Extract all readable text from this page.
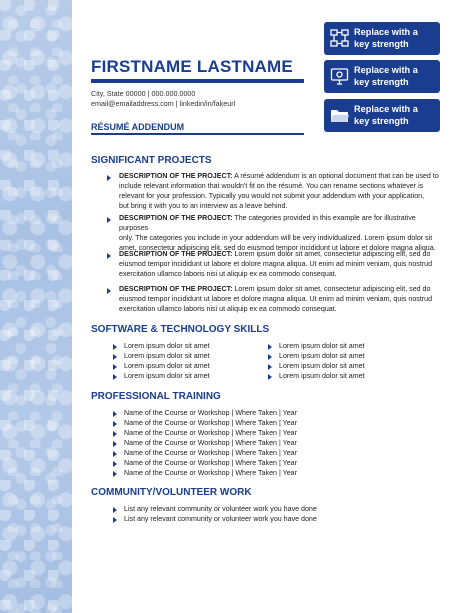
FIRSTNAME LASTNAME
City, State 00000 | 000.000.0000
email@emailaddress.com | linkedin/in/fakeurl
RÉSUMÉ ADDENDUM
Replace with a
key strength
Replace with a
key strength
Replace with a
key strength
SIGNIFICANT PROJECTS
DESCRIPTION OF THE PROJECT: A résumé addendum is an optional document that can be used to
include relevant information that wouldn't fit on the résumé. You can rename sections whatever is
relevant for your profession. Typically you would not submit your addendum with your application,
but bring it with you to an interview as a leave behind.
DESCRIPTION OF THE PROJECT: The categories provided in this example are for illustrative purposes
only. The categories you include in your addendum will be very individualized. Lorem ipsum dolor sit
amet, consectetur adipiscing elit, sed do eiusmod tempor incididunt ut labore et dolore magna aliqua.
DESCRIPTION OF THE PROJECT: Lorem ipsum dolor sit amet, consectetur adipiscing elit, sed do
eiusmod tempor incididunt ut labore et dolore magna aliqua. Ut enim ad minim veniam, quis nostrud
exercitation ullamco laboris nisi ut aliquip ex ea commodo consequat.
DESCRIPTION OF THE PROJECT: Lorem ipsum dolor sit amet, consectetur adipiscing elit, sed do
eiusmod tempor incididunt ut labore et dolore magna aliqua. Ut enim ad minim veniam, quis nostrud
exercitation ullamco laboris nisi ut aliquip ex ea commodo consequat.
SOFTWARE & TECHNOLOGY SKILLS
Lorem ipsum dolor sit amet
Lorem ipsum dolor sit amet
Lorem ipsum dolor sit amet
Lorem ipsum dolor sit amet
Lorem ipsum dolor sit amet
Lorem ipsum dolor sit amet
Lorem ipsum dolor sit amet
Lorem ipsum dolor sit amet
PROFESSIONAL TRAINING
Name of the Course or Workshop | Where Taken | Year
Name of the Course or Workshop | Where Taken | Year
Name of the Course or Workshop | Where Taken | Year
Name of the Course or Workshop | Where Taken | Year
Name of the Course or Workshop | Where Taken | Year
Name of the Course or Workshop | Where Taken | Year
Name of the Course or Workshop | Where Taken | Year
COMMUNITY/VOLUNTEER WORK
List any relevant community or volunteer work you have done
List any relevant community or volunteer work you have done
